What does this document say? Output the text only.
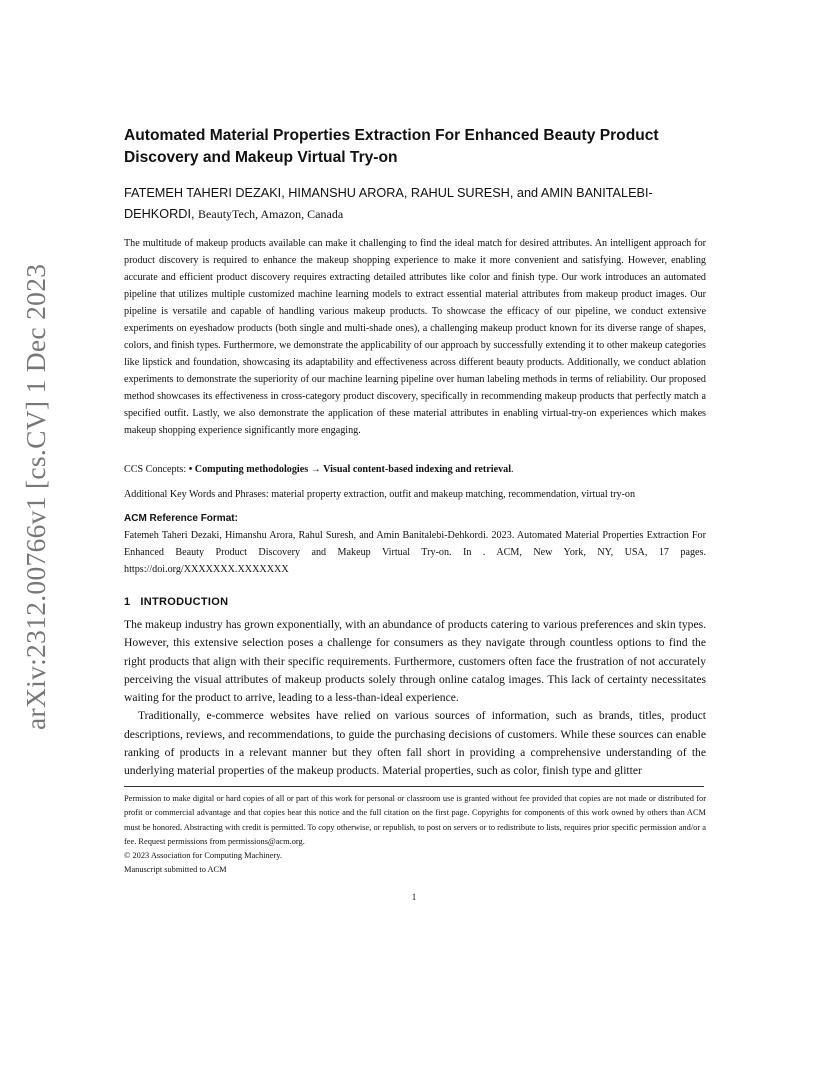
arXiv:2312.00766v1 [cs.CV] 1 Dec 2023
Automated Material Properties Extraction For Enhanced Beauty Product Discovery and Makeup Virtual Try-on
FATEMEH TAHERI DEZAKI, HIMANSHU ARORA, RAHUL SURESH, and AMIN BANITALEBI-DEHKORDI, BeautyTech, Amazon, Canada

The multitude of makeup products available can make it challenging to find the ideal match for desired attributes. An intelligent approach for product discovery is required to enhance the makeup shopping experience to make it more convenient and satisfying. However, enabling accurate and efficient product discovery requires extracting detailed attributes like color and finish type. Our work introduces an automated pipeline that utilizes multiple customized machine learning models to extract essential material attributes from makeup product images. Our pipeline is versatile and capable of handling various makeup products. To showcase the efficacy of our pipeline, we conduct extensive experiments on eyeshadow products (both single and multi-shade ones), a challenging makeup product known for its diverse range of shapes, colors, and finish types. Furthermore, we demonstrate the applicability of our approach by successfully extending it to other makeup categories like lipstick and foundation, showcasing its adaptability and effectiveness across different beauty products. Additionally, we conduct ablation experiments to demonstrate the superiority of our machine learning pipeline over human labeling methods in terms of reliability. Our proposed method showcases its effectiveness in cross-category product discovery, specifically in recommending makeup products that perfectly match a specified outfit. Lastly, we also demonstrate the application of these material attributes in enabling virtual-try-on experiences which makes makeup shopping experience significantly more engaging.

CCS Concepts: • Computing methodologies → Visual content-based indexing and retrieval.
Additional Key Words and Phrases: material property extraction, outfit and makeup matching, recommendation, virtual try-on
ACM Reference Format:

Fatemeh Taheri Dezaki, Himanshu Arora, Rahul Suresh, and Amin Banitalebi-Dehkordi. 2023. Automated Material Properties Extraction For Enhanced Beauty Product Discovery and Makeup Virtual Try-on. In . ACM, New York, NY, USA, 17 pages. https://doi.org/XXXXXXX.XXXXXXX

1 INTRODUCTION

The makeup industry has grown exponentially, with an abundance of products catering to various preferences and skin types. However, this extensive selection poses a challenge for consumers as they navigate through countless options to find the right products that align with their specific requirements. Furthermore, customers often face the frustration of not accurately perceiving the visual attributes of makeup products solely through online catalog images. This lack of certainty necessitates waiting for the product to arrive, leading to a less-than-ideal experience.

Traditionally, e-commerce websites have relied on various sources of information, such as brands, titles, product descriptions, reviews, and recommendations, to guide the purchasing decisions of customers. While these sources can enable ranking of products in a relevant manner but they often fall short in providing a comprehensive understanding of the underlying material properties of the makeup products. Material properties, such as color, finish type and glitter

Permission to make digital or hard copies of all or part of this work for personal or classroom use is granted without fee provided that copies are not made or distributed for profit or commercial advantage and that copies bear this notice and the full citation on the first page. Copyrights for components of this work owned by others than ACM must be honored. Abstracting with credit is permitted. To copy otherwise, or republish, to post on servers or to redistribute to lists, requires prior specific permission and/or a fee. Request permissions from permissions@acm.org.

© 2023 Association for Computing Machinery.

Manuscript submitted to ACM

1
